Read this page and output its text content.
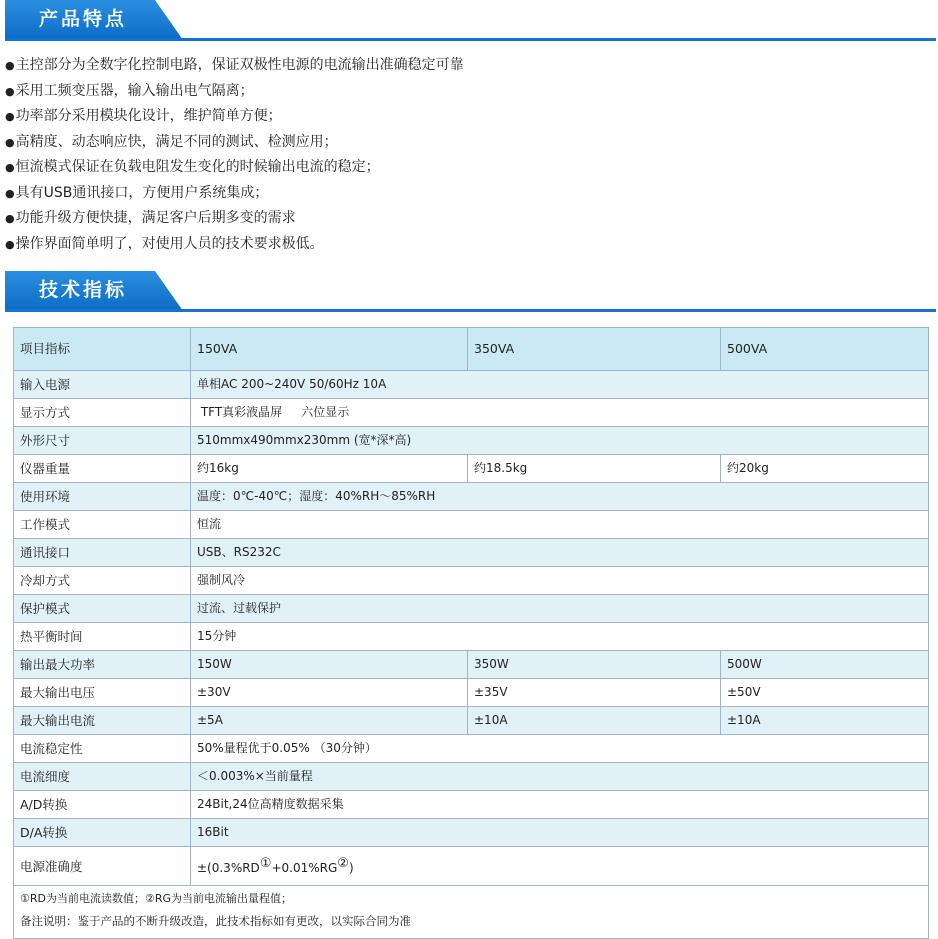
产品特点
●主控部分为全数字化控制电路，保证双极性电源的电流输出准确稳定可靠
●采用工频变压器，输入输出电气隔离；
●功率部分采用模块化设计，维护简单方便；
●高精度、动态响应快，满足不同的测试、检测应用；
●恒流模式保证在负载电阻发生变化的时候输出电流的稳定；
●具有USB通讯接口，方便用户系统集成；
●功能升级方便快捷，满足客户后期多变的需求
●操作界面简单明了，对使用人员的技术要求极低。
技术指标
项目指标	150VA	350VA	500VA
输入电源	单相AC 200~240V 50/60Hz 10A		
显示方式	TFT真彩液晶屏     六位显示		
外形尺寸	510mmx490mmx230mm (宽*深*高)		
仪器重量	约16kg	约18.5kg	约20kg
使用环境	温度：0℃-40℃；湿度：40%RH～85%RH		
工作模式	恒流		
通讯接口	USB、RS232C		
冷却方式	强制风冷		
保护模式	过流、过载保护		
热平衡时间	15分钟		
输出最大功率	150W	350W	500W
最大输出电压	±30V	±35V	±50V
最大输出电流	±5A	±10A	±10A
电流稳定性	50%量程优于0.05% （30分钟）		
电流细度	＜0.003%×当前量程		
A/D转换	24Bit,24位高精度数据采集		
D/A转换	16Bit		
电源准确度	±(0.3%RD①+0.01%RG②)		

①RD为当前电流读数值；②RG为当前电流输出量程值；
备注说明：鉴于产品的不断升级改造，此技术指标如有更改，以实际合同为准			
